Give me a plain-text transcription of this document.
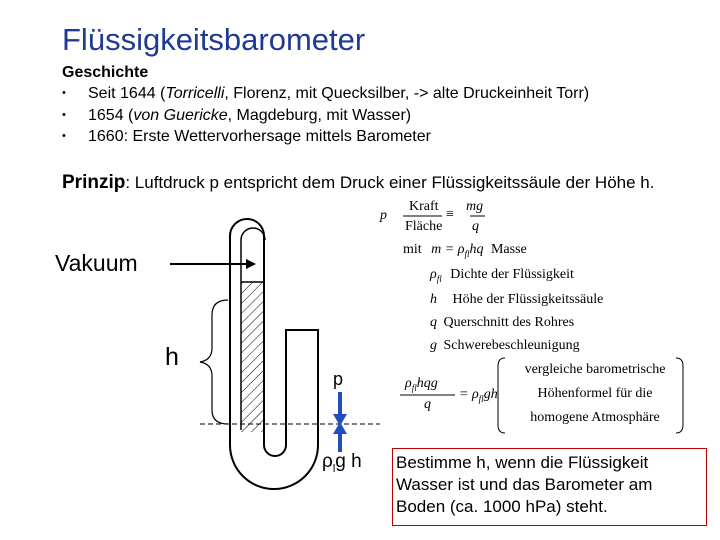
Flüssigkeitsbarometer
Geschichte
• Seit 1644 (Torricelli, Florenz, mit Quecksilber, -> alte Druckeinheit Torr)
• 1654 (von Guericke, Magdeburg, mit Wasser)
• 1660: Erste Wettervorhersage mittels Barometer
Prinzip: Luftdruck p entspricht dem Druck einer Flüssigkeitssäule der Höhe h.
Vakuum
h
p
$\rho_lg$ h
p
Kraft
Fläche
≡
mg
q
mit $m = \rho_{fl}hq$ Masse
$\rho_{fl}$ Dichte der Flüssigkeit
h Höhe der Flüssigkeitssäule
q Querschnitt des Rohres
g Schwerebeschleunigung
$\rho_{fl}hqg$
q
= $\rho_{fl}gh$
vergleiche barometrische
Höhenformel für die
homogene Atmosphäre
Bestimme h, wenn die Flüssigkeit Wasser ist und das Barometer am Boden (ca. 1000 hPa) steht.
